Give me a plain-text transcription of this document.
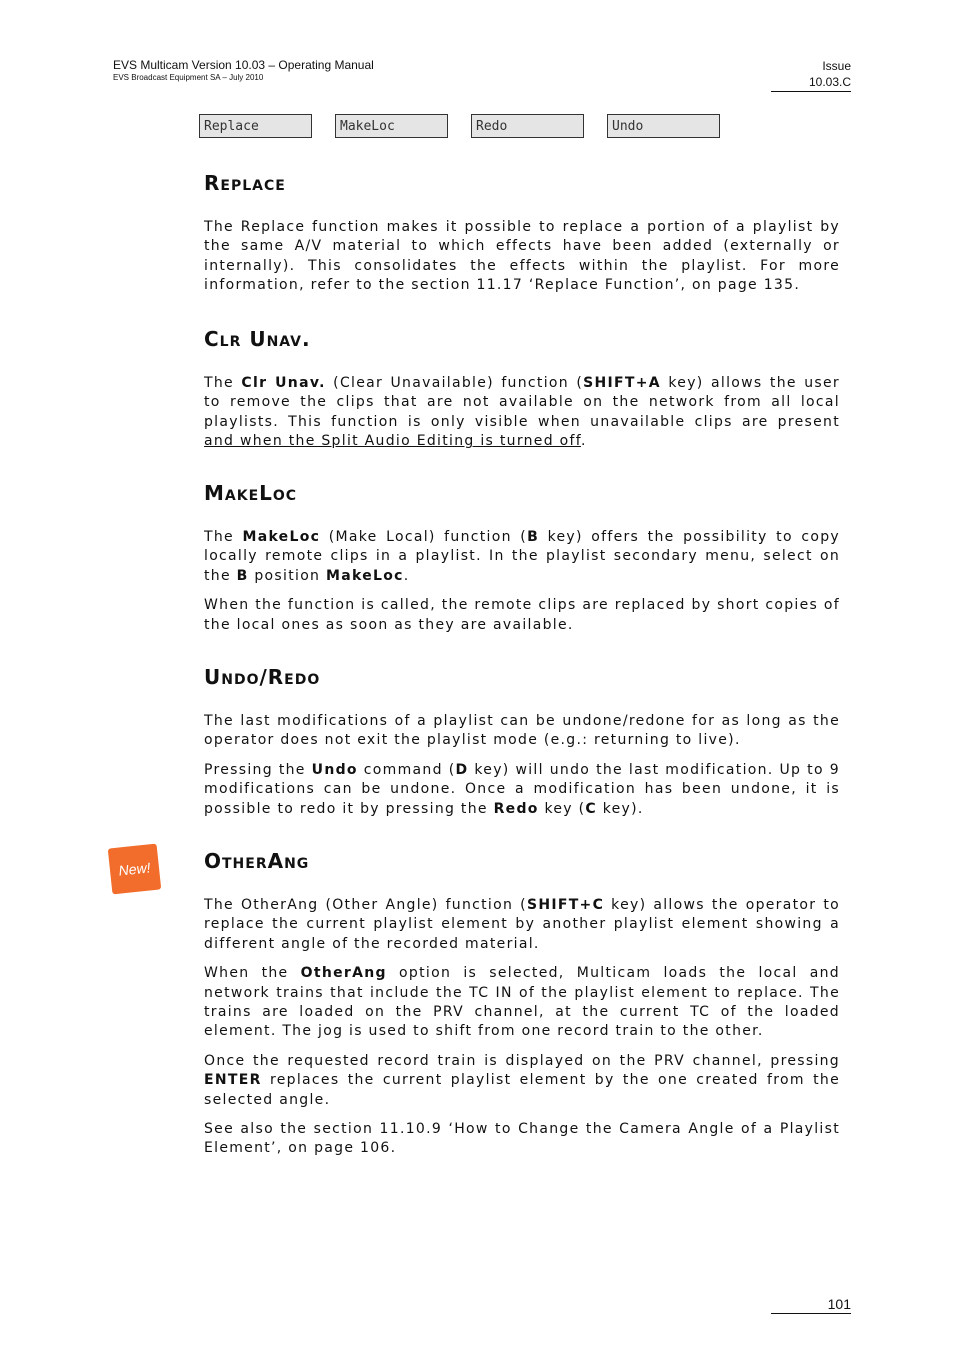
EVS Multicam Version 10.03 – Operating Manual
EVS Broadcast Equipment SA – July 2010
Issue
10.03.C
Replace	MakeLoc	Redo	Undo
Replace

The Replace function makes it possible to replace a portion of a playlist by the same A/V material to which effects have been added (externally or internally). This consolidates the effects within the playlist. For more information, refer to the section 11.17 ‘Replace Function’, on page 135.

Clr Unav.

The Clr Unav. (Clear Unavailable) function (SHIFT+A key) allows the user to remove the clips that are not available on the network from all local playlists. This function is only visible when unavailable clips are present and when the Split Audio Editing is turned off.

MakeLoc

The MakeLoc (Make Local) function (B key) offers the possibility to copy locally remote clips in a playlist. In the playlist secondary menu, select on the B position MakeLoc.

When the function is called, the remote clips are replaced by short copies of the local ones as soon as they are available.

Undo/Redo

The last modifications of a playlist can be undone/redone for as long as the operator does not exit the playlist mode (e.g.: returning to live).

Pressing the Undo command (D key) will undo the last modification. Up to 9 modifications can be undone. Once a modification has been undone, it is possible to redo it by pressing the Redo key (C key).

OtherAng

The OtherAng (Other Angle) function (SHIFT+C key) allows the operator to replace the current playlist element by another playlist element showing a different angle of the recorded material.

When the OtherAng option is selected, Multicam loads the local and network trains that include the TC IN of the playlist element to replace. The trains are loaded on the PRV channel, at the current TC of the loaded element. The jog is used to shift from one record train to the other.

Once the requested record train is displayed on the PRV channel, pressing ENTER replaces the current playlist element by the one created from the selected angle.

See also the section 11.10.9 ‘How to Change the Camera Angle of a Playlist Element’, on page 106.

New!
101
